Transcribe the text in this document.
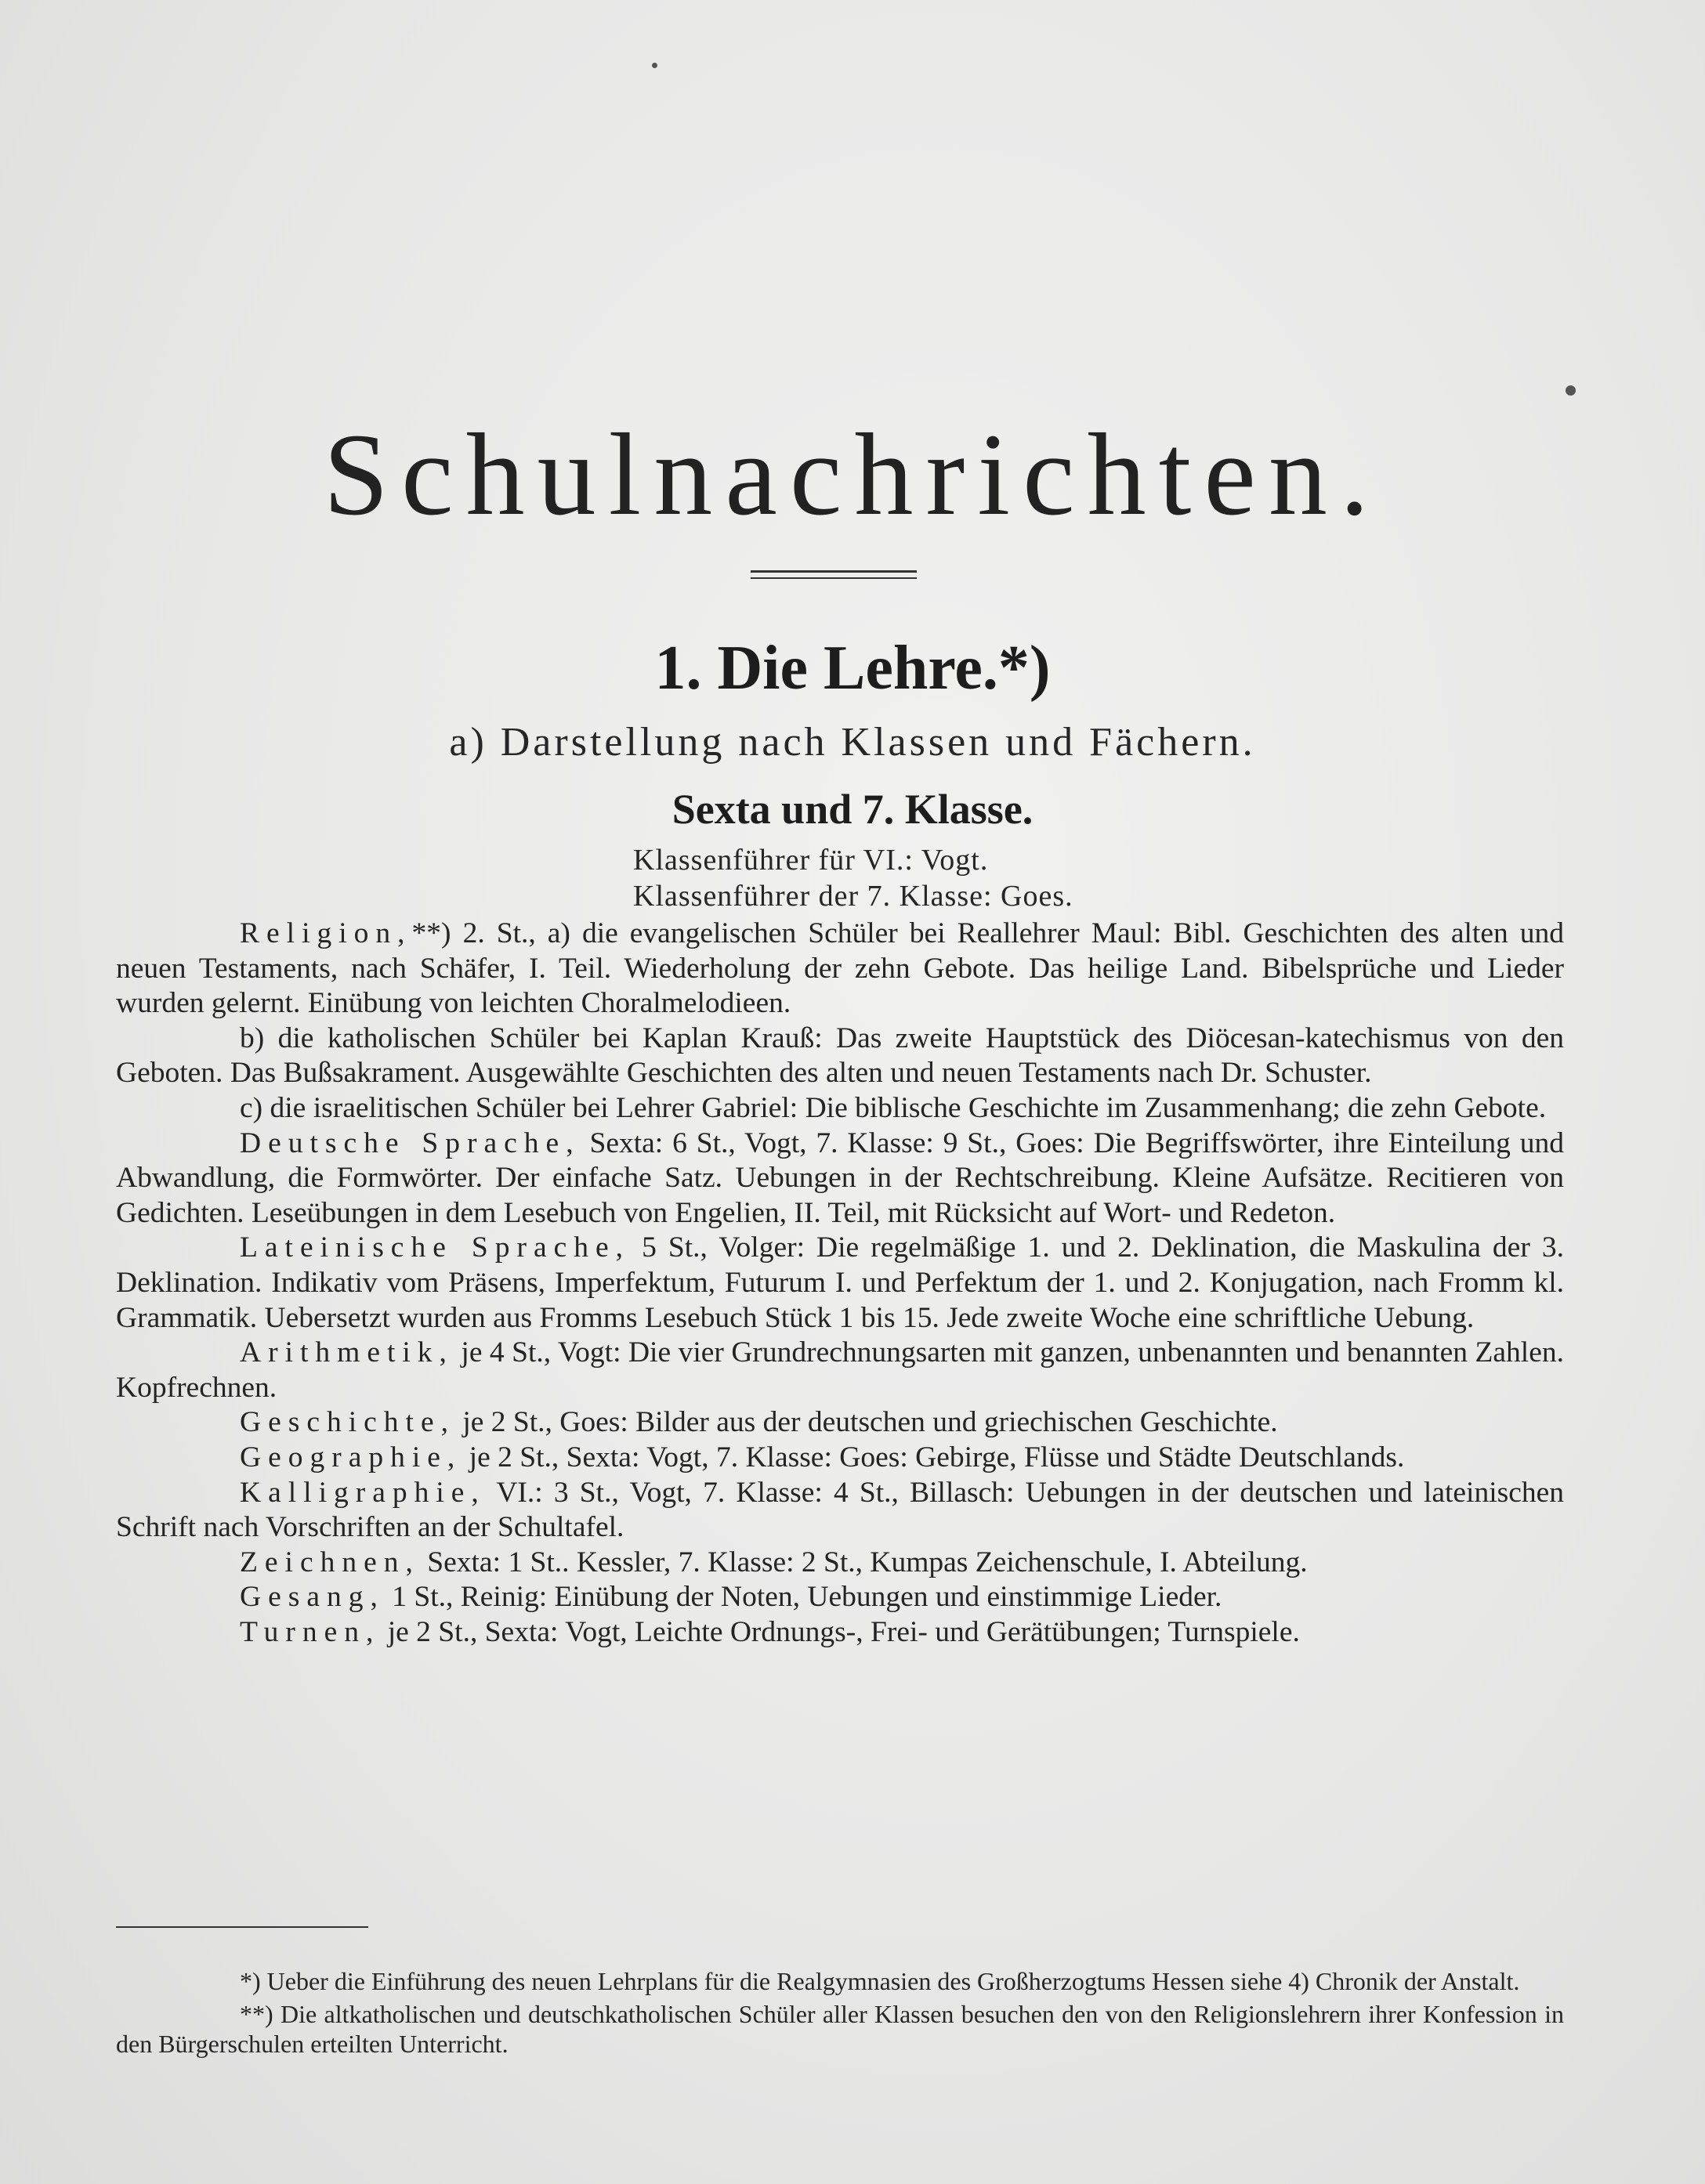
Schulnachrichten.
1. Die Lehre.*)
a) Darstellung nach Klassen und Fächern.
Sexta und 7. Klasse.
Klassenführer für VI.: Vogt.
Klassenführer der 7. Klasse: Goes.

Religion,**) 2. St., a) die evangelischen Schüler bei Reallehrer Maul: Bibl. Geschichten des alten und neuen Testaments, nach Schäfer, I. Teil. Wiederholung der zehn Gebote. Das heilige Land. Bibelsprüche und Lieder wurden gelernt. Einübung von leichten Choralmelodieen.

b) die katholischen Schüler bei Kaplan Krauß: Das zweite Hauptstück des Diöcesan-katechismus von den Geboten. Das Bußsakrament. Ausgewählte Geschichten des alten und neuen Testaments nach Dr. Schuster.

c) die israelitischen Schüler bei Lehrer Gabriel: Die biblische Geschichte im Zusammenhang; die zehn Gebote.

Deutsche Sprache, Sexta: 6 St., Vogt, 7. Klasse: 9 St., Goes: Die Begriffswörter, ihre Einteilung und Abwandlung, die Formwörter. Der einfache Satz. Uebungen in der Rechtschreibung. Kleine Aufsätze. Recitieren von Gedichten. Leseübungen in dem Lesebuch von Engelien, II. Teil, mit Rücksicht auf Wort- und Redeton.

Lateinische Sprache, 5 St., Volger: Die regelmäßige 1. und 2. Deklination, die Maskulina der 3. Deklination. Indikativ vom Präsens, Imperfektum, Futurum I. und Perfektum der 1. und 2. Konjugation, nach Fromm kl. Grammatik. Uebersetzt wurden aus Fromms Lesebuch Stück 1 bis 15. Jede zweite Woche eine schriftliche Uebung.

Arithmetik, je 4 St., Vogt: Die vier Grundrechnungsarten mit ganzen, unbenannten und benannten Zahlen. Kopfrechnen.

Geschichte, je 2 St., Goes: Bilder aus der deutschen und griechischen Geschichte.

Geographie, je 2 St., Sexta: Vogt, 7. Klasse: Goes: Gebirge, Flüsse und Städte Deutschlands.

Kalligraphie, VI.: 3 St., Vogt, 7. Klasse: 4 St., Billasch: Uebungen in der deutschen und lateinischen Schrift nach Vorschriften an der Schultafel.

Zeichnen, Sexta: 1 St.. Kessler, 7. Klasse: 2 St., Kumpas Zeichenschule, I. Abteilung.

Gesang, 1 St., Reinig: Einübung der Noten, Uebungen und einstimmige Lieder.

Turnen, je 2 St., Sexta: Vogt, Leichte Ordnungs-, Frei- und Gerätübungen; Turnspiele.

*) Ueber die Einführung des neuen Lehrplans für die Realgymnasien des Großherzogtums Hessen siehe 4) Chronik der Anstalt.

**) Die altkatholischen und deutschkatholischen Schüler aller Klassen besuchen den von den Religionslehrern ihrer Konfession in den Bürgerschulen erteilten Unterricht.
